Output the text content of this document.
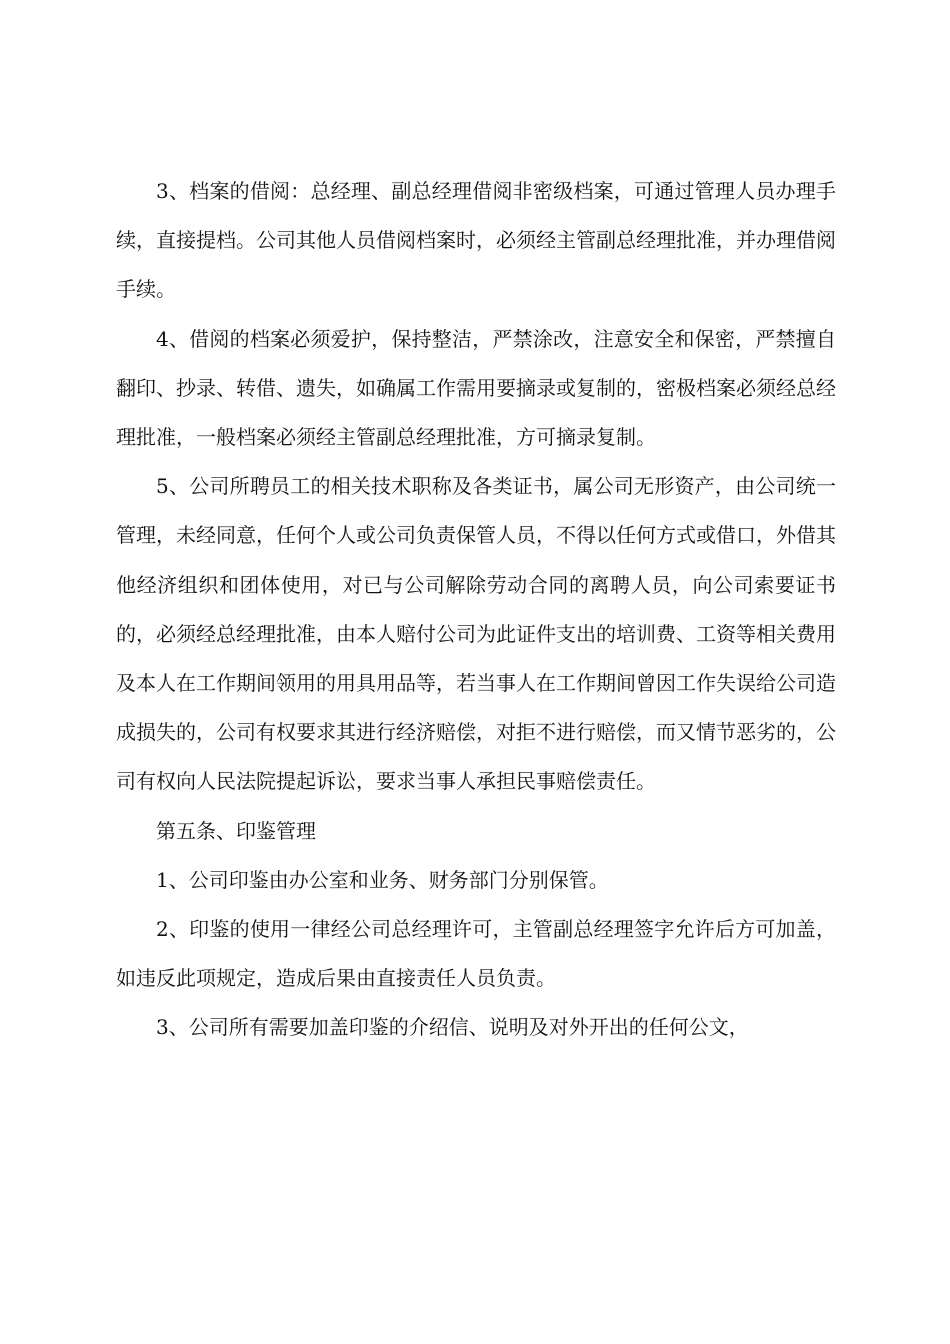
3、档案的借阅：总经理、副总经理借阅非密级档案，可通过管理人员办理手续，直接提档。公司其他人员借阅档案时，必须经主管副总经理批准，并办理借阅手续。

4、借阅的档案必须爱护，保持整洁，严禁涂改，注意安全和保密，严禁擅自翻印、抄录、转借、遗失，如确属工作需用要摘录或复制的，密极档案必须经总经理批准，一般档案必须经主管副总经理批准，方可摘录复制。

5、公司所聘员工的相关技术职称及各类证书，属公司无形资产，由公司统一管理，未经同意，任何个人或公司负责保管人员，不得以任何方式或借口，外借其他经济组织和团体使用，对已与公司解除劳动合同的离聘人员，向公司索要证书的，必须经总经理批准，由本人赔付公司为此证件支出的培训费、工资等相关费用及本人在工作期间领用的用具用品等，若当事人在工作期间曾因工作失误给公司造成损失的，公司有权要求其进行经济赔偿，对拒不进行赔偿，而又情节恶劣的，公司有权向人民法院提起诉讼，要求当事人承担民事赔偿责任。

第五条、印鉴管理

1、公司印鉴由办公室和业务、财务部门分别保管。

2、印鉴的使用一律经公司总经理许可，主管副总经理签字允许后方可加盖，如违反此项规定，造成后果由直接责任人员负责。

3、公司所有需要加盖印鉴的介绍信、说明及对外开出的任何公文，
